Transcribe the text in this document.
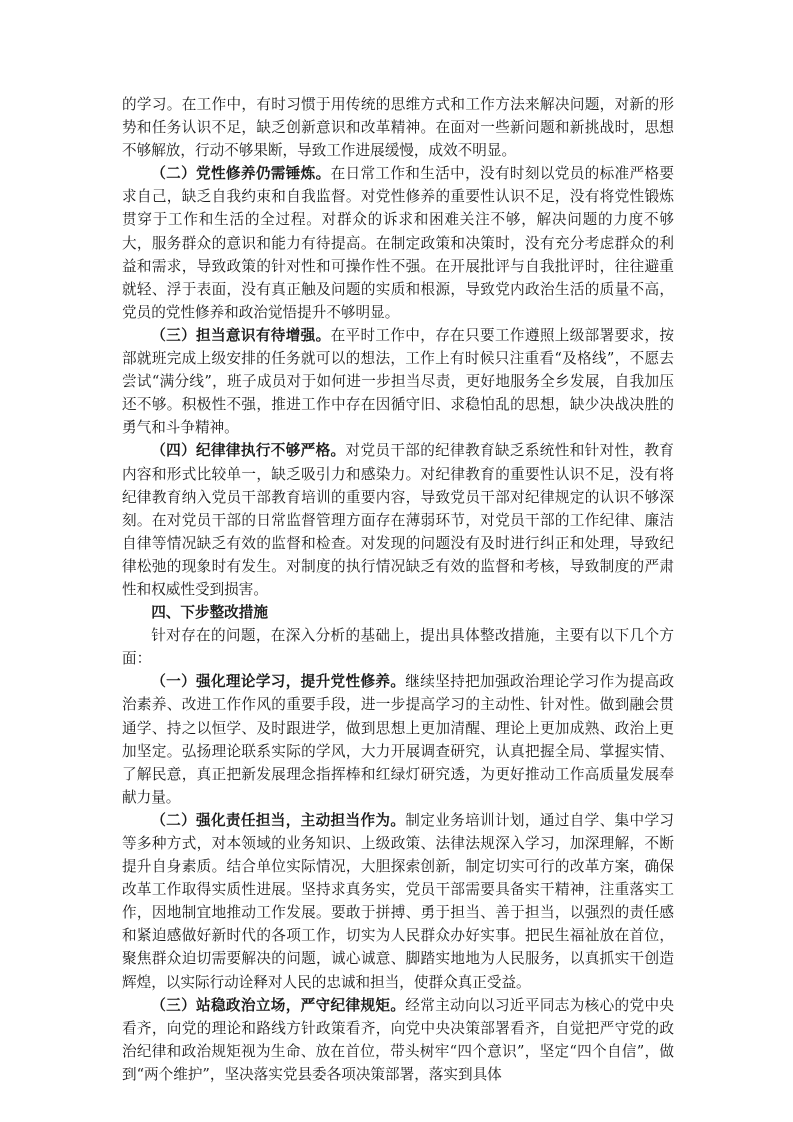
的学习。在工作中，有时习惯于用传统的思维方式和工作方法来解决问题，对新的形势和任务认识不足，缺乏创新意识和改革精神。在面对一些新问题和新挑战时，思想不够解放，行动不够果断，导致工作进展缓慢，成效不明显。

（二）党性修养仍需锤炼。在日常工作和生活中，没有时刻以党员的标准严格要求自己，缺乏自我约束和自我监督。对党性修养的重要性认识不足，没有将党性锻炼贯穿于工作和生活的全过程。对群众的诉求和困难关注不够，解决问题的力度不够大，服务群众的意识和能力有待提高。在制定政策和决策时，没有充分考虑群众的利益和需求，导致政策的针对性和可操作性不强。在开展批评与自我批评时，往往避重就轻、浮于表面，没有真正触及问题的实质和根源，导致党内政治生活的质量不高，党员的党性修养和政治觉悟提升不够明显。

（三）担当意识有待增强。在平时工作中，存在只要工作遵照上级部署要求，按部就班完成上级安排的任务就可以的想法，工作上有时候只注重看“及格线”，不愿去尝试“满分线”，班子成员对于如何进一步担当尽责，更好地服务全乡发展，自我加压还不够。积极性不强，推进工作中存在因循守旧、求稳怕乱的思想，缺少决战决胜的勇气和斗争精神。

（四）纪律律执行不够严格。对党员干部的纪律教育缺乏系统性和针对性，教育内容和形式比较单一，缺乏吸引力和感染力。对纪律教育的重要性认识不足，没有将纪律教育纳入党员干部教育培训的重要内容，导致党员干部对纪律规定的认识不够深刻。在对党员干部的日常监督管理方面存在薄弱环节，对党员干部的工作纪律、廉洁自律等情况缺乏有效的监督和检查。对发现的问题没有及时进行纠正和处理，导致纪律松弛的现象时有发生。对制度的执行情况缺乏有效的监督和考核，导致制度的严肃性和权威性受到损害。

四、下步整改措施

针对存在的问题，在深入分析的基础上，提出具体整改措施，主要有以下几个方面：

（一）强化理论学习，提升党性修养。继续坚持把加强政治理论学习作为提高政治素养、改进工作作风的重要手段，进一步提高学习的主动性、针对性。做到融会贯通学、持之以恒学、及时跟进学，做到思想上更加清醒、理论上更加成熟、政治上更加坚定。弘扬理论联系实际的学风，大力开展调查研究，认真把握全局、掌握实情、了解民意，真正把新发展理念指挥棒和红绿灯研究透，为更好推动工作高质量发展奉献力量。

（二）强化责任担当，主动担当作为。制定业务培训计划，通过自学、集中学习等多种方式，对本领域的业务知识、上级政策、法律法规深入学习，加深理解，不断提升自身素质。结合单位实际情况，大胆探索创新，制定切实可行的改革方案，确保改革工作取得实质性进展。坚持求真务实，党员干部需要具备实干精神，注重落实工作，因地制宜地推动工作发展。要敢于拼搏、勇于担当、善于担当，以强烈的责任感和紧迫感做好新时代的各项工作，切实为人民群众办好实事。把民生福祉放在首位，聚焦群众迫切需要解决的问题，诚心诚意、脚踏实地地为人民服务，以真抓实干创造辉煌，以实际行动诠释对人民的忠诚和担当，使群众真正受益。

（三）站稳政治立场，严守纪律规矩。经常主动向以习近平同志为核心的党中央看齐，向党的理论和路线方针政策看齐，向党中央决策部署看齐，自觉把严守党的政治纪律和政治规矩视为生命、放在首位，带头树牢“四个意识”，坚定“四个自信”，做到“两个维护”，坚决落实党县委各项决策部署，落实到具体
